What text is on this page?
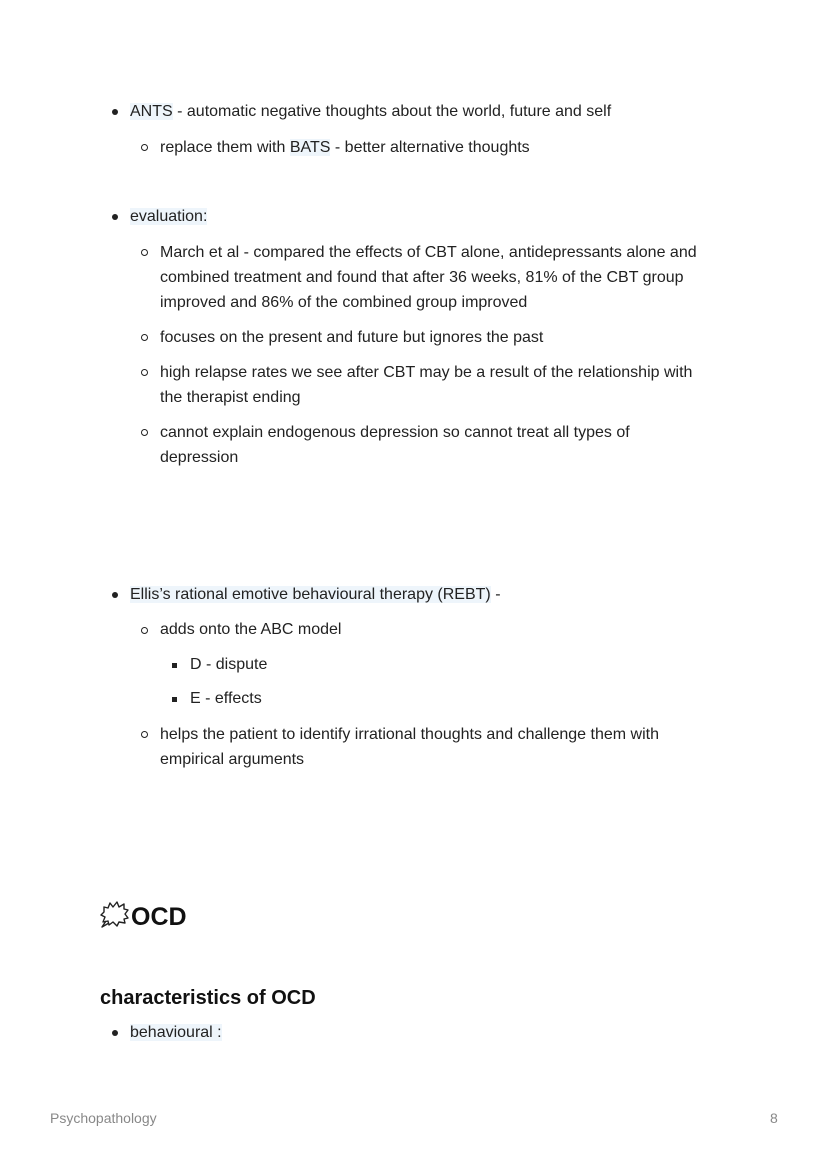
ANTS - automatic negative thoughts about the world, future and self
replace them with BATS - better alternative thoughts
evaluation:
March et al - compared the effects of CBT alone, antidepressants alone and
combined treatment and found that after 36 weeks, 81% of the CBT group
improved and 86% of the combined group improved
focuses on the present and future but ignores the past
high relapse rates we see after CBT may be a result of the relationship with
the therapist ending
cannot explain endogenous depression so cannot treat all types of
depression
Ellis’s rational emotive behavioural therapy (REBT) -
adds onto the ABC model
D - dispute
E - effects
helps the patient to identify irrational thoughts and challenge them with
empirical arguments
OCD
characteristics of OCD
behavioural :
Psychopathology	8
